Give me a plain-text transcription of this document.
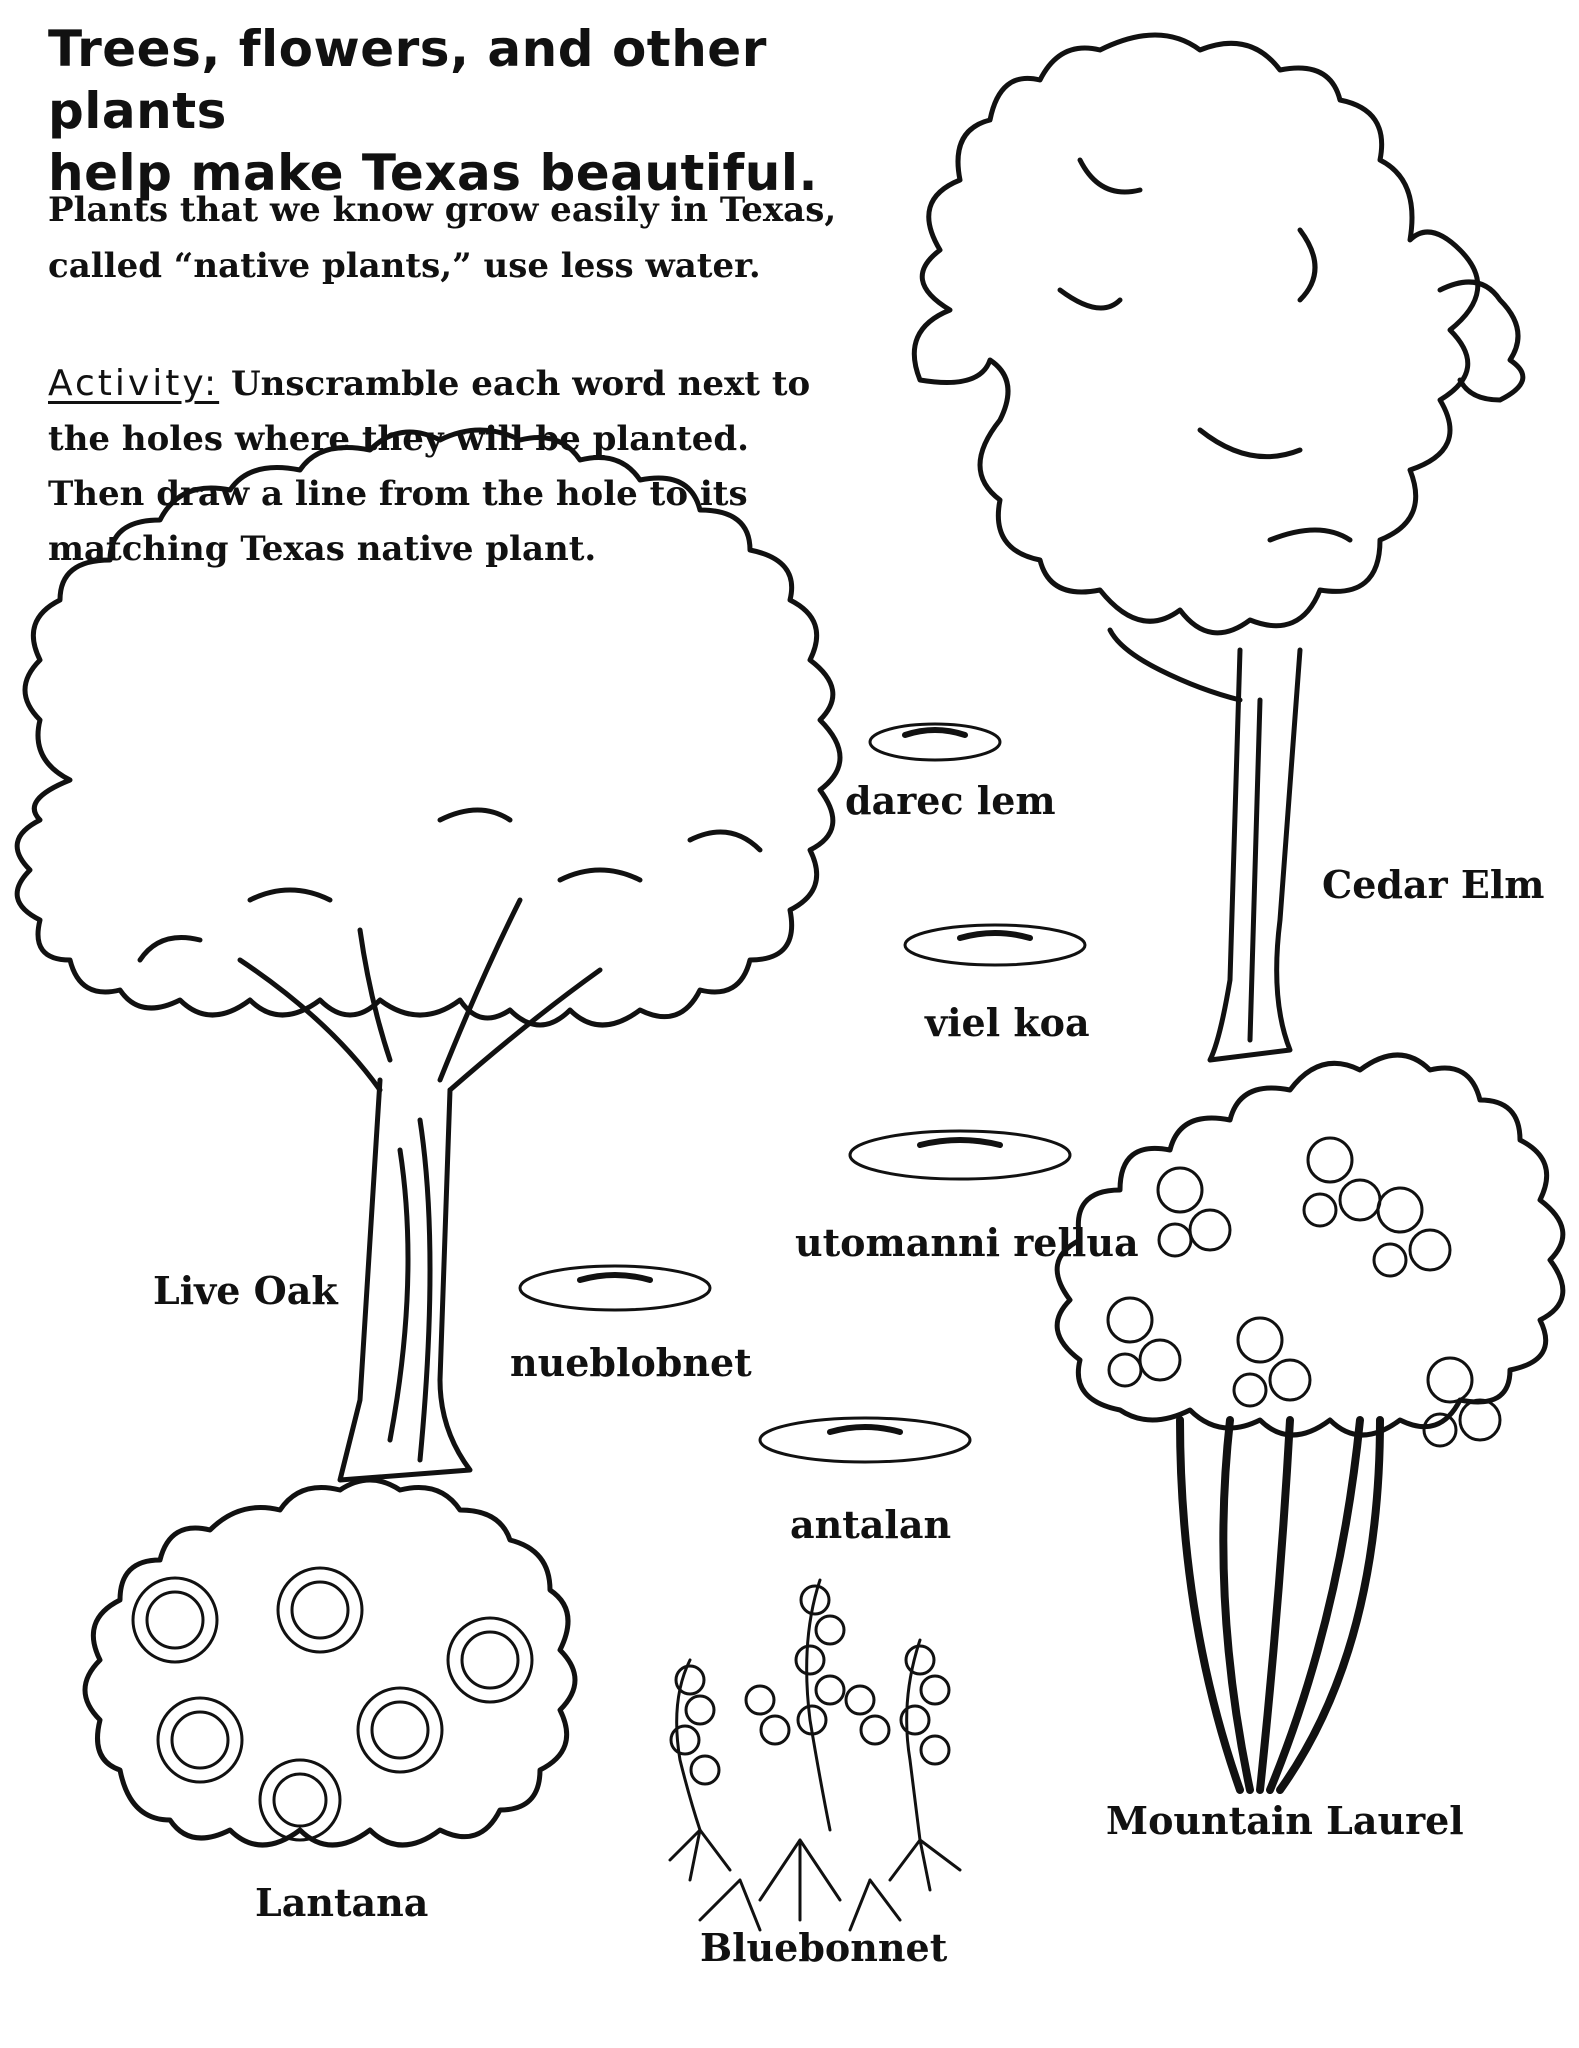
Trees, flowers, and other plants
help make Texas beautiful.
Plants that we know grow easily in Texas,
called “native plants,” use less water.
Activity: Unscramble each word next to
the holes where they will be planted.
Then draw a line from the hole to its
matching Texas native plant.
darec lem
viel koa
utomanni rellua
nueblobnet
antalan
Cedar Elm
Live Oak
Mountain Laurel
Lantana
Bluebonnet
